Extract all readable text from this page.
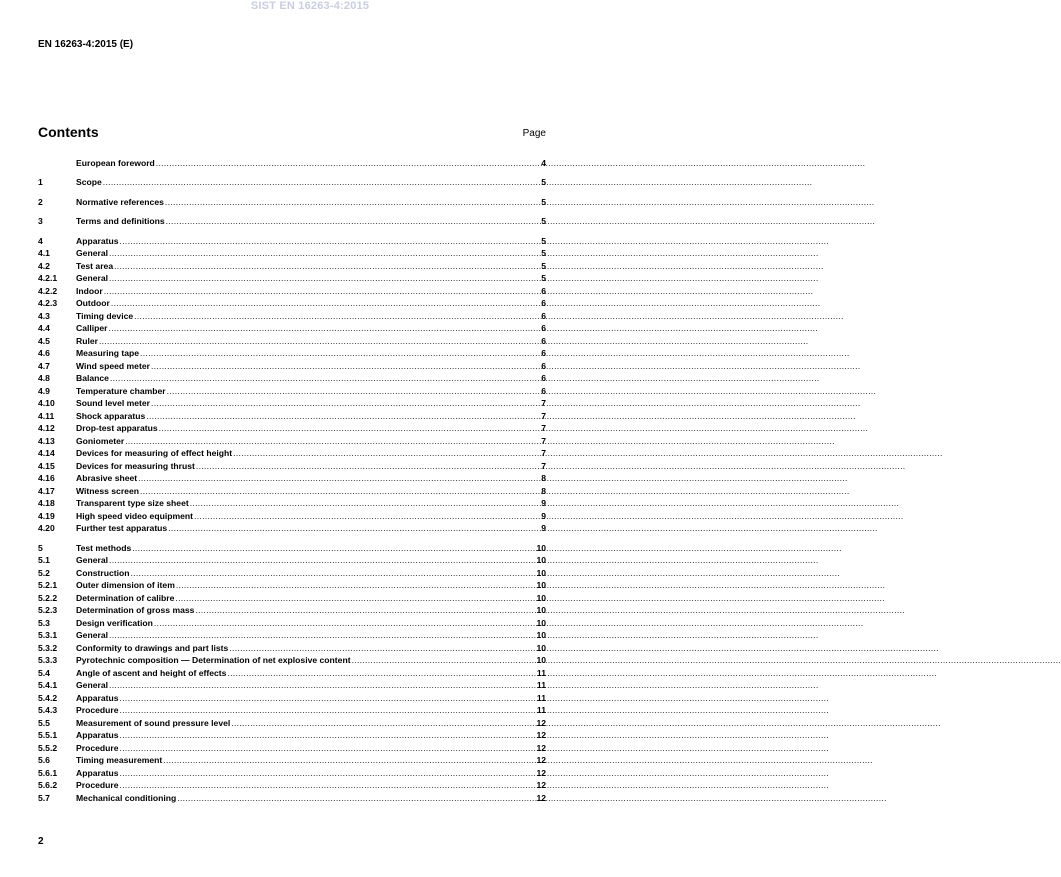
SIST EN 16263-4:2015
EN 16263-4:2015 (E)
Contents	Page
European foreword .....	4
1	Scope .....	5
2	Normative references .....	5
3	Terms and definitions .....	5
4	Apparatus .....	5
4.1	General .....	5
4.2	Test area .....	5
4.2.1	General .....	5
4.2.2	Indoor .....	6
4.2.3	Outdoor .....	6
4.3	Timing device .....	6
4.4	Calliper .....	6
4.5	Ruler .....	6
4.6	Measuring tape .....	6
4.7	Wind speed meter .....	6
4.8	Balance .....	6
4.9	Temperature chamber .....	6
4.10	Sound level meter .....	7
4.11	Shock apparatus .....	7
4.12	Drop-test apparatus .....	7
4.13	Goniometer .....	7
4.14	Devices for measuring of effect height .....	7
4.15	Devices for measuring thrust .....	7
4.16	Abrasive sheet .....	8
4.17	Witness screen .....	8
4.18	Transparent type size sheet .....	9
4.19	High speed video equipment .....	9
4.20	Further test apparatus .....	9
5	Test methods .....	10
5.1	General .....	10
5.2	Construction .....	10
5.2.1	Outer dimension of item .....	10
5.2.2	Determination of calibre .....	10
5.2.3	Determination of gross mass .....	10
5.3	Design verification .....	10
5.3.1	General .....	10
5.3.2	Conformity to drawings and part lists .....	10
5.3.3	Pyrotechnic composition — Determination of net explosive content .....	10
5.4	Angle of ascent and height of effects .....	11
5.4.1	General .....	11
5.4.2	Apparatus .....	11
5.4.3	Procedure .....	11
5.5	Measurement of sound pressure level .....	12
5.5.1	Apparatus .....	12
5.5.2	Procedure .....	12
5.6	Timing measurement .....	12
5.6.1	Apparatus .....	12
5.6.2	Procedure .....	12
5.7	Mechanical conditioning .....	12
2
